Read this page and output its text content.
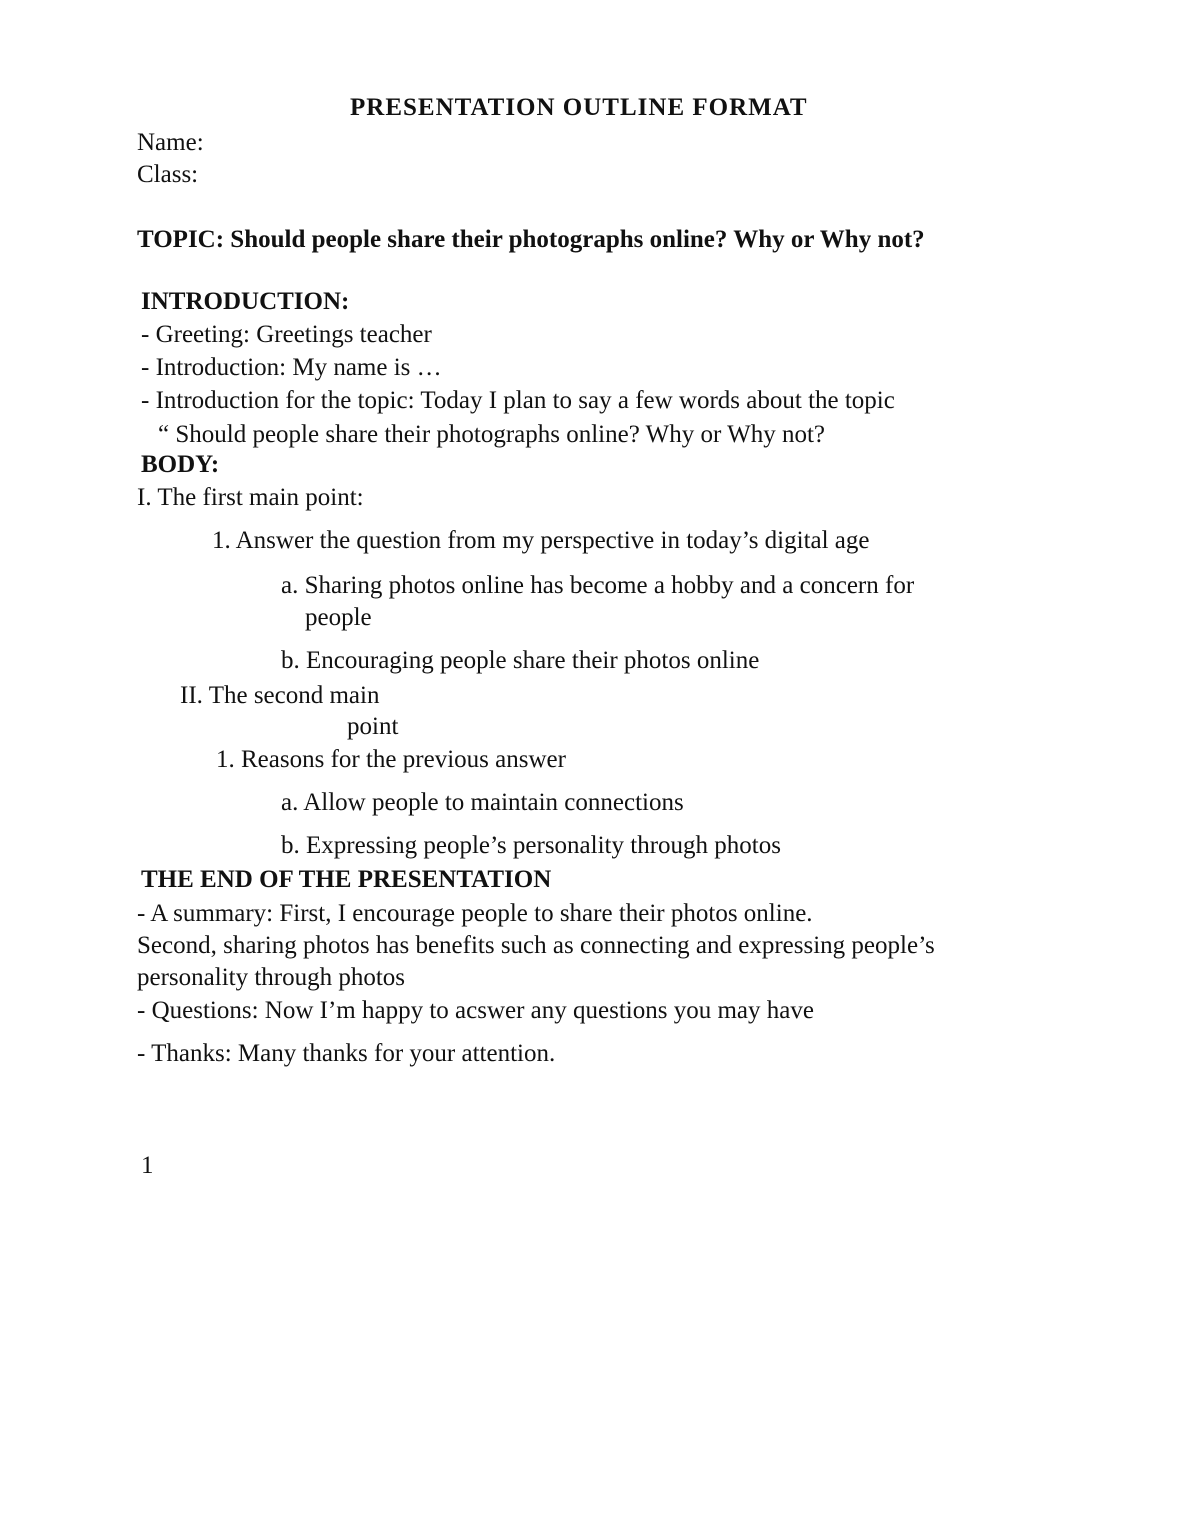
PRESENTATION OUTLINE FORMAT
Name:
Class:
TOPIC: Should people share their photographs online? Why or Why not?
INTRODUCTION:
- Greeting: Greetings teacher
- Introduction: My name is …
- Introduction for the topic: Today I plan to say a few words about the topic
“ Should people share their photographs online? Why or Why not?
BODY:
I. The first main point:
1. Answer the question from my perspective in today’s digital age
a. Sharing photos online has become a hobby and a concern for
people
b. Encouraging people share their photos online
II. The second main
point
1. Reasons for the previous answer
a. Allow people to maintain connections
b. Expressing people’s personality through photos
THE END OF THE PRESENTATION
- A summary: First, I encourage people to share their photos online.
Second, sharing photos has benefits such as connecting and expressing people’s
personality through photos
- Questions: Now I’m happy to acswer any questions you may have
- Thanks: Many thanks for your attention.
1
